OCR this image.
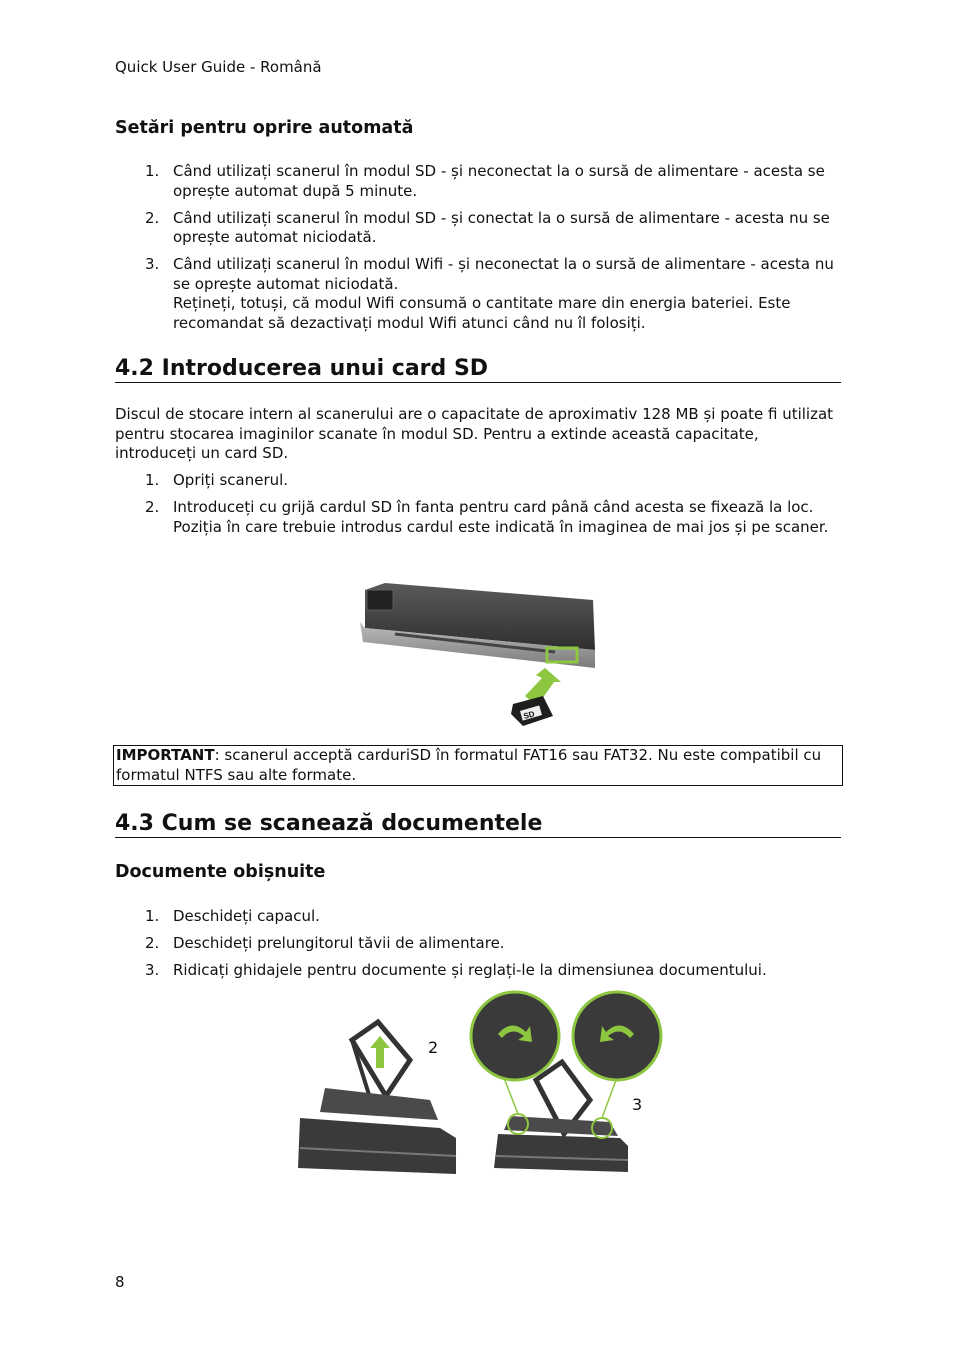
Quick User Guide - Română
Setări pentru oprire automată
1. Când utilizați scanerul în modul SD - și neconectat la o sursă de alimentare - acesta se oprește automat după 5 minute.
2. Când utilizați scanerul în modul SD - și conectat la o sursă de alimentare - acesta nu se oprește automat niciodată.
3. Când utilizați scanerul în modul Wifi - și neconectat la o sursă de alimentare - acesta nu se oprește automat niciodată.
Rețineți, totuși, că modul Wifi consumă o cantitate mare din energia bateriei. Este recomandat să dezactivați modul Wifi atunci când nu îl folosiți.
4.2 Introducerea unui card SD
Discul de stocare intern al scanerului are o capacitate de aproximativ 128 MB și poate fi utilizat pentru stocarea imaginilor scanate în modul SD. Pentru a extinde această capacitate, introduceți un card SD.
1. Opriți scanerul.
2. Introduceți cu grijă cardul SD în fanta pentru card până când acesta se fixează la loc.
Poziția în care trebuie introdus cardul este indicată în imaginea de mai jos și pe scaner.
SD
IMPORTANT: scanerul acceptă carduriSD în formatul FAT16 sau FAT32. Nu este compatibil cu formatul NTFS sau alte formate.
4.3 Cum se scanează documentele
Documente obișnuite
1. Deschideți capacul.
2. Deschideți prelungitorul tăvii de alimentare.
3. Ridicați ghidajele pentru documente și reglați-le la dimensiunea documentului.
2
3
8
